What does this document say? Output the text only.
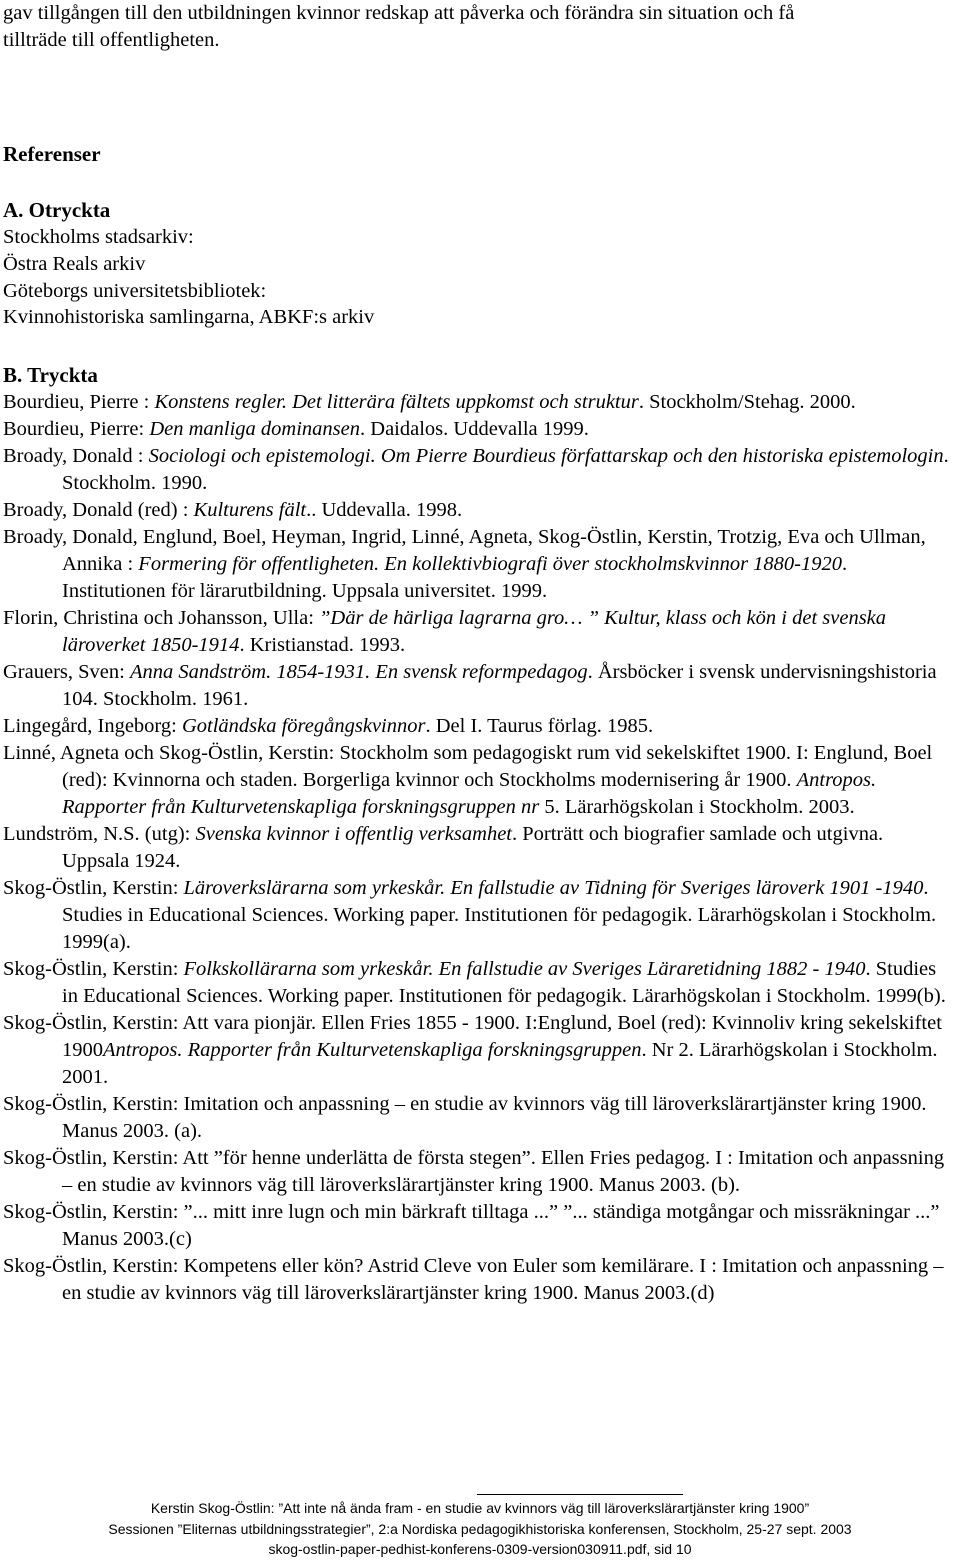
gav tillgången till den utbildningen kvinnor redskap att påverka och förändra sin situation och få

tillträde till offentligheten.

Referenser

A. Otryckta

Stockholms stadsarkiv:

Östra Reals arkiv

Göteborgs universitetsbibliotek:

Kvinnohistoriska samlingarna, ABKF:s arkiv

B. Tryckta

Bourdieu, Pierre : Konstens regler. Det litterära fältets uppkomst och struktur. Stockholm/Stehag. 2000.

Bourdieu, Pierre: Den manliga dominansen. Daidalos. Uddevalla 1999.

Broady, Donald : Sociologi och epistemologi. Om Pierre Bourdieus författarskap och den historiska epistemologin. Stockholm. 1990.

Broady, Donald (red) : Kulturens fält.. Uddevalla. 1998.

Broady, Donald, Englund, Boel, Heyman, Ingrid, Linné, Agneta, Skog-Östlin, Kerstin, Trotzig, Eva och Ullman, Annika : Formering för offentligheten. En kollektivbiografi över stockholmskvinnor 1880-1920. Institutionen för lärarutbildning. Uppsala universitet. 1999.

Florin, Christina och Johansson, Ulla: ”Där de härliga lagrarna gro… ” Kultur, klass och kön i det svenska läroverket 1850-1914. Kristianstad. 1993.

Grauers, Sven: Anna Sandström. 1854-1931. En svensk reformpedagog. Årsböcker i svensk undervisningshistoria 104. Stockholm. 1961.

Lingegård, Ingeborg: Gotländska föregångskvinnor. Del I. Taurus förlag. 1985.

Linné, Agneta och Skog-Östlin, Kerstin: Stockholm som pedagogiskt rum vid sekelskiftet 1900. I: Englund, Boel (red): Kvinnorna och staden. Borgerliga kvinnor och Stockholms modernisering år 1900. Antropos. Rapporter från Kulturvetenskapliga forskningsgruppen nr 5. Lärarhögskolan i Stockholm. 2003.

Lundström, N.S. (utg): Svenska kvinnor i offentlig verksamhet. Porträtt och biografier samlade och utgivna. Uppsala 1924.

Skog-Östlin, Kerstin: Läroverkslärarna som yrkeskår. En fallstudie av Tidning för Sveriges läroverk 1901 -1940. Studies in Educational Sciences. Working paper. Institutionen för pedagogik. Lärarhögskolan i Stockholm. 1999(a).

Skog-Östlin, Kerstin: Folkskollärarna som yrkeskår. En fallstudie av Sveriges Läraretidning 1882 - 1940. Studies in Educational Sciences. Working paper. Institutionen för pedagogik. Lärarhögskolan i Stockholm. 1999(b).

Skog-Östlin, Kerstin: Att vara pionjär. Ellen Fries 1855 - 1900. I:Englund, Boel (red): Kvinnoliv kring sekelskiftet 1900Antropos. Rapporter från Kulturvetenskapliga forskningsgruppen. Nr 2. Lärarhögskolan i Stockholm. 2001.

Skog-Östlin, Kerstin: Imitation och anpassning – en studie av kvinnors väg till läroverkslärartjänster kring 1900. Manus 2003. (a).

Skog-Östlin, Kerstin: Att ”för henne underlätta de första stegen”. Ellen Fries pedagog. I : Imitation och anpassning – en studie av kvinnors väg till läroverkslärartjänster kring 1900. Manus 2003. (b).

Skog-Östlin, Kerstin: ”... mitt inre lugn och min bärkraft tilltaga ...” ”... ständiga motgångar och missräkningar ...” Manus 2003.(c)

Skog-Östlin, Kerstin: Kompetens eller kön? Astrid Cleve von Euler som kemilärare. I : Imitation och anpassning – en studie av kvinnors väg till läroverkslärartjänster kring 1900. Manus 2003.(d)

Kerstin Skog-Östlin: ”Att inte nå ända fram - en studie av kvinnors väg till läroverkslärartjänster kring 1900”
Sessionen ”Eliternas utbildningsstrategier”, 2:a Nordiska pedagogikhistoriska konferensen, Stockholm, 25-27 sept. 2003
skog-ostlin-paper-pedhist-konferens-0309-version030911.pdf, sid 10
